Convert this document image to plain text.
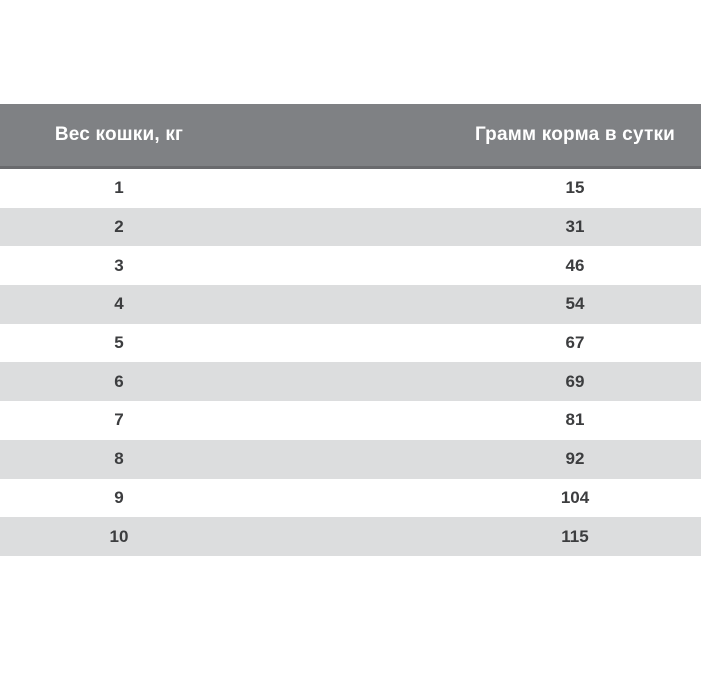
Вес кошки, кг	Грамм корма в сутки
1	15
2	31
3	46
4	54
5	67
6	69
7	81
8	92
9	104
10	115
